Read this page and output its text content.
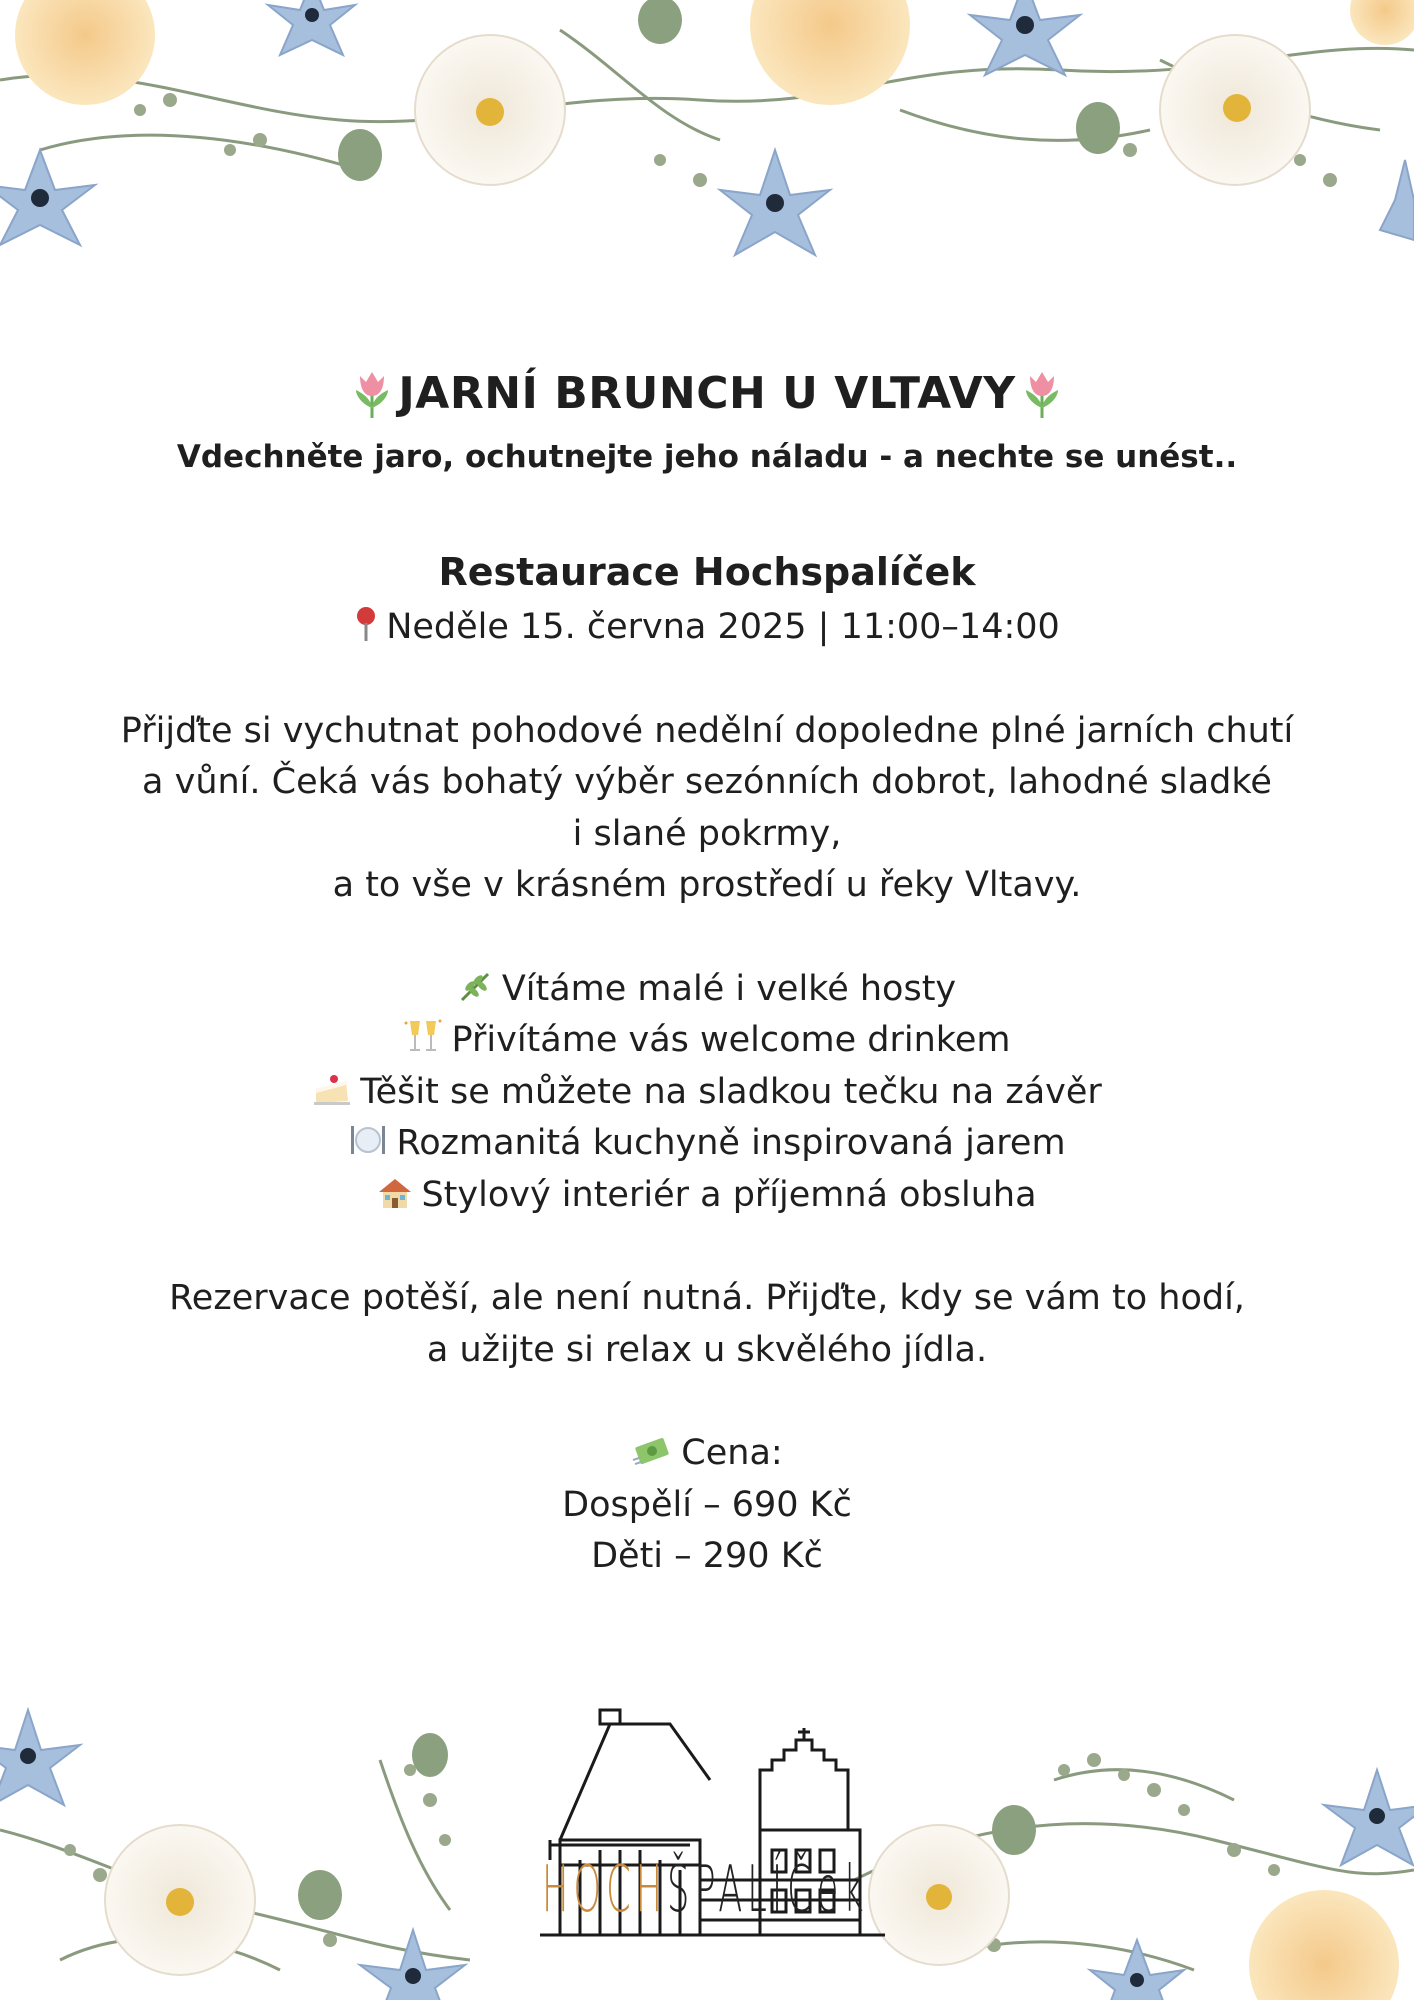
JARNÍ BRUNCH U VLTAVY

Vdechněte jaro, ochutnejte jeho náladu - a nechte se unést..

Restaurace Hochspalíček

Neděle 15. června 2025 | 11:00–14:00

Přijďte si vychutnat pohodové nedělní dopoledne plné jarních chutí

a vůní. Čeká vás bohatý výběr sezónních dobrot, lahodné sladké

i slané pokrmy,

a to vše v krásném prostředí u řeky Vltavy.

Vítáme malé i velké hosty

Přivítáme vás welcome drinkem

Těšit se můžete na sladkou tečku na závěr

Rozmanitá kuchyně inspirovaná jarem

Stylový interiér a příjemná obsluha

Rezervace potěší, ale není nutná. Přijďte, kdy se vám to hodí,

a užijte si relax u skvělého jídla.

Cena:

Dospělí – 690 Kč

Děti – 290 Kč

HOCHŠPALÍČek
